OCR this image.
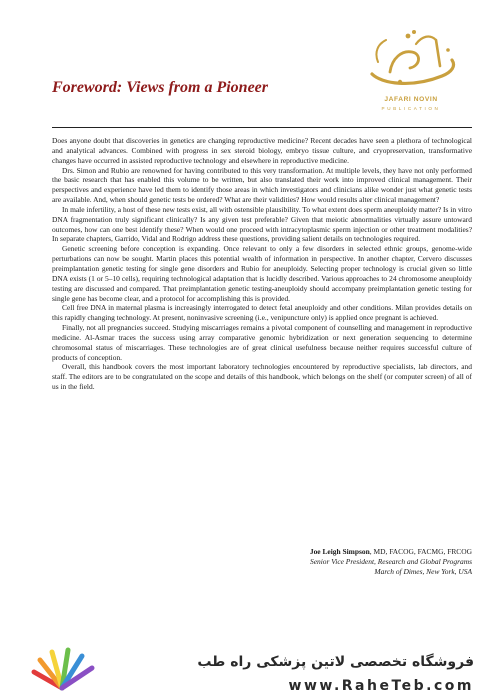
Foreword: Views from a Pioneer
JAFARI NOVIN
PUBLICATION

Does anyone doubt that discoveries in genetics are changing reproductive medicine? Recent decades have seen a plethora of technological and analytical advances. Combined with progress in sex steroid biology, embryo tissue culture, and cryopreservation, transformative changes have occurred in assisted reproductive technology and elsewhere in reproductive medicine.

Drs. Simon and Rubio are renowned for having contributed to this very transformation. At multiple levels, they have not only performed the basic research that has enabled this volume to be written, but also translated their work into improved clinical management. Their perspectives and experience have led them to identify those areas in which investigators and clinicians alike wonder just what genetic tests are available. And, when should genetic tests be ordered? What are their validities? How would results alter clinical management?

In male infertility, a host of these new tests exist, all with ostensible plausibility. To what extent does sperm aneuploidy matter? Is in vitro DNA fragmentation truly significant clinically? Is any given test preferable? Given that meiotic abnormalities virtually assure untoward outcomes, how can one best identify these? When would one proceed with intracytoplasmic sperm injection or other treatment modalities? In separate chapters, Garrido, Vidal and Rodrigo address these questions, providing salient details on technologies required.

Genetic screening before conception is expanding. Once relevant to only a few disorders in selected ethnic groups, genome-wide perturbations can now be sought. Martin places this potential wealth of information in perspective. In another chapter, Cervero discusses preimplantation genetic testing for single gene disorders and Rubio for aneuploidy. Selecting proper technology is crucial given so little DNA exists (1 or 5–10 cells), requiring technological adaptation that is lucidly described. Various approaches to 24 chromosome aneuploidy testing are discussed and compared. That preimplantation genetic testing-aneuploidy should accompany preimplantation genetic testing for single gene has become clear, and a protocol for accomplishing this is provided.

Cell free DNA in maternal plasma is increasingly interrogated to detect fetal aneuploidy and other conditions. Milan provides details on this rapidly changing technology. At present, noninvasive screening (i.e., venipuncture only) is applied once pregnant is achieved.

Finally, not all pregnancies succeed. Studying miscarriages remains a pivotal component of counselling and management in reproductive medicine. Al-Asmar traces the success using array comparative genomic hybridization or next generation sequencing to determine chromosomal status of miscarriages. These technologies are of great clinical usefulness because neither requires successful culture of products of conception.

Overall, this handbook covers the most important laboratory technologies encountered by reproductive specialists, lab directors, and staff. The editors are to be congratulated on the scope and details of this handbook, which belongs on the shelf (or computer screen) of all of us in the field.

Joe Leigh Simpson, MD, FACOG, FACMG, FRCOG
Senior Vice President, Research and Global Programs
March of Dimes, New York, USA
فروشگاه تخصصی لاتین پزشکی راه طب
www.RaheTeb.com
